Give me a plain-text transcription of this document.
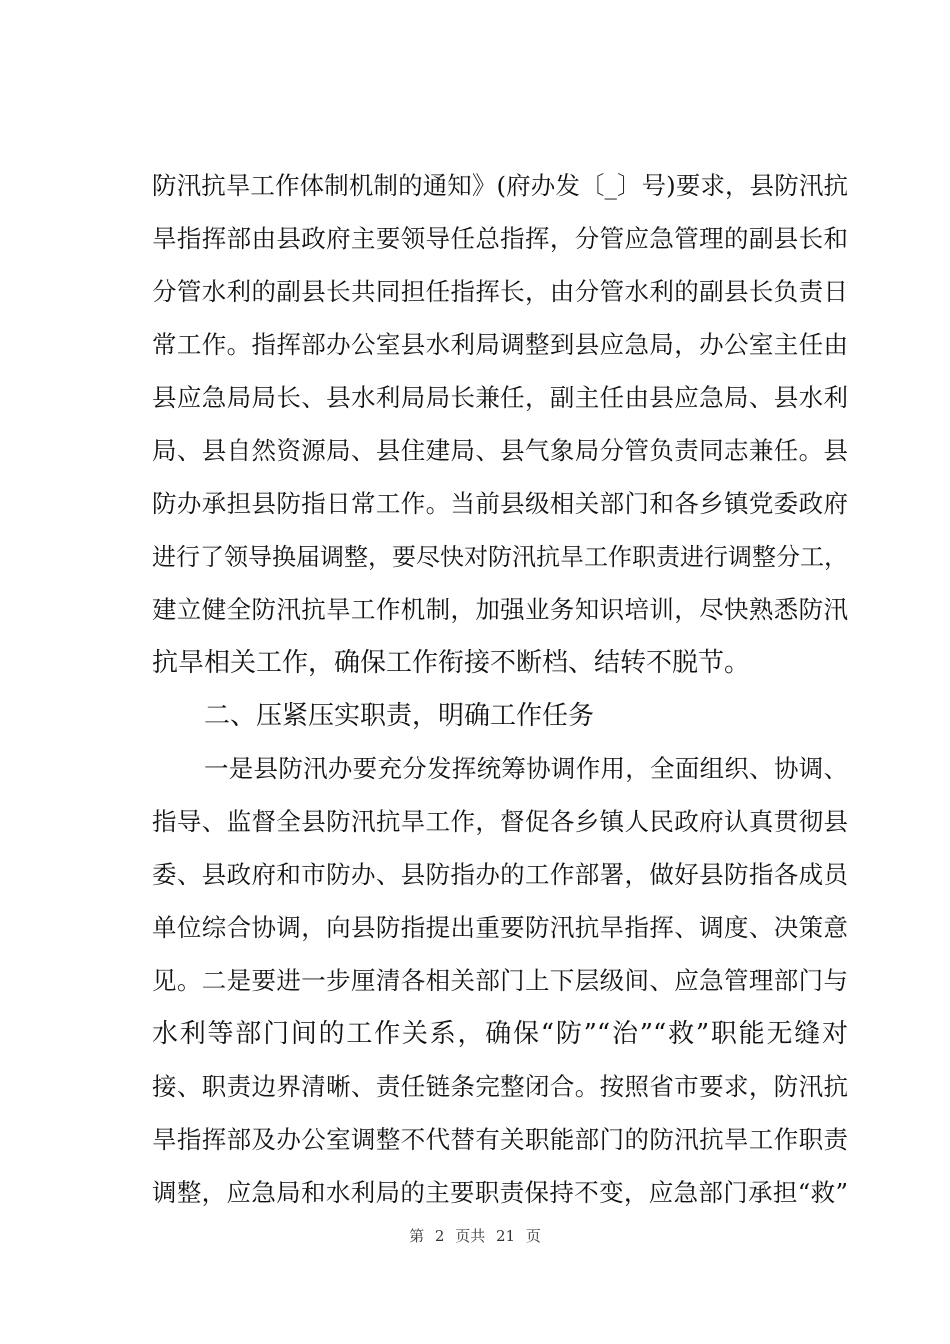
防汛抗旱工作体制机制的通知》(府办发〔_〕号)要求，县防汛抗
旱指挥部由县政府主要领导任总指挥，分管应急管理的副县长和
分管水利的副县长共同担任指挥长，由分管水利的副县长负责日
常工作。指挥部办公室县水利局调整到县应急局，办公室主任由
县应急局局长、县水利局局长兼任，副主任由县应急局、县水利
局、县自然资源局、县住建局、县气象局分管负责同志兼任。县
防办承担县防指日常工作。当前县级相关部门和各乡镇党委政府
进行了领导换届调整，要尽快对防汛抗旱工作职责进行调整分工，
建立健全防汛抗旱工作机制，加强业务知识培训，尽快熟悉防汛
抗旱相关工作，确保工作衔接不断档、结转不脱节。
二、压紧压实职责，明确工作任务
一是县防汛办要充分发挥统筹协调作用，全面组织、协调、
指导、监督全县防汛抗旱工作，督促各乡镇人民政府认真贯彻县
委、县政府和市防办、县防指办的工作部署，做好县防指各成员
单位综合协调，向县防指提出重要防汛抗旱指挥、调度、决策意
见。二是要进一步厘清各相关部门上下层级间、应急管理部门与
水利等部门间的工作关系，确保“防”“治”“救”职能无缝对
接、职责边界清晰、责任链条完整闭合。按照省市要求，防汛抗
旱指挥部及办公室调整不代替有关职能部门的防汛抗旱工作职责
调整，应急局和水利局的主要职责保持不变，应急部门承担“救”
第 2 页共 21 页
